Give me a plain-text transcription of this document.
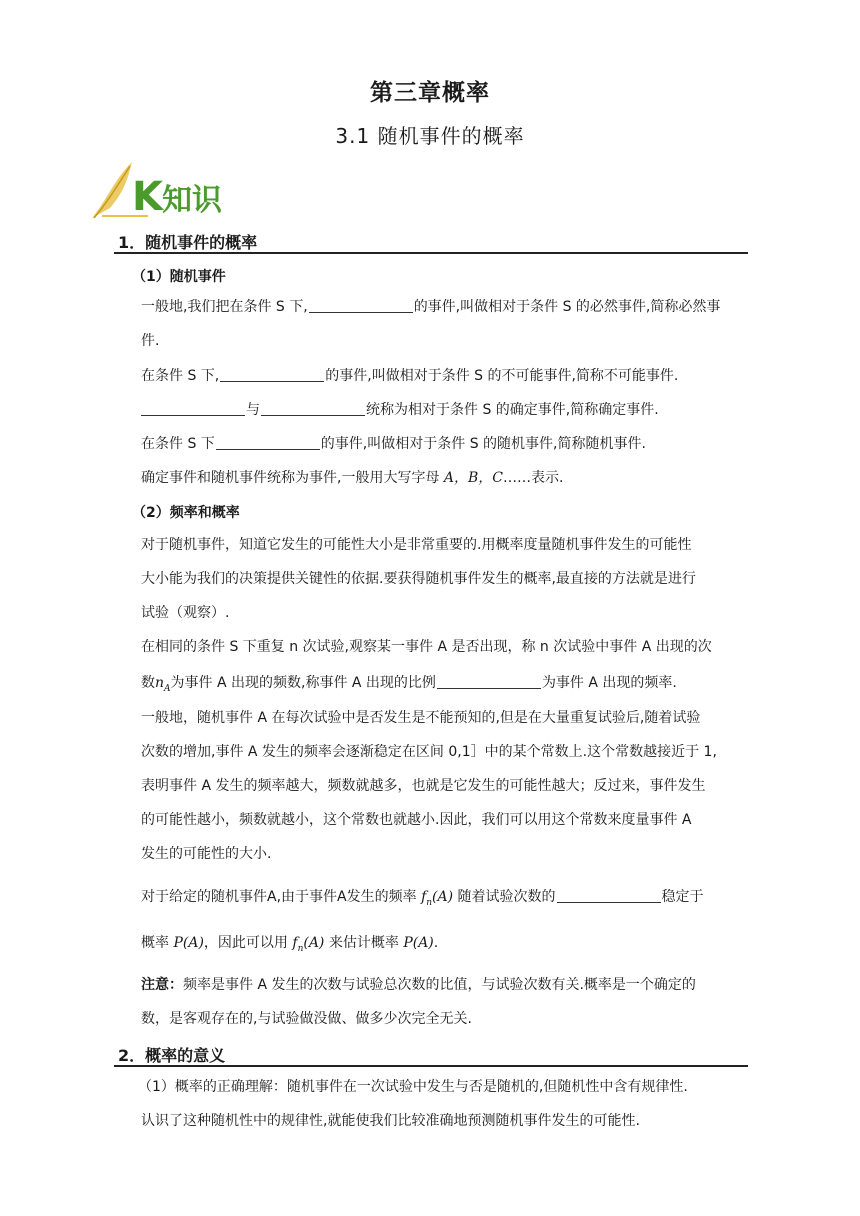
第三章概率
3.1 随机事件的概率
K 知识
1．随机事件的概率
（1）随机事件
一般地,我们把在条件 S 下,	的事件,叫做相对于条件 S 的必然事件,简称必然事
件.
在条件 S 下,	的事件,叫做相对于条件 S 的不可能事件,简称不可能事件.
与	统称为相对于条件 S 的确定事件,简称确定事件.
在条件 S 下	的事件,叫做相对于条件 S 的随机事件,简称随机事件.
确定事件和随机事件统称为事件,一般用大写字母 A，B，C……表示.
（2）频率和概率
对于随机事件，知道它发生的可能性大小是非常重要的.用概率度量随机事件发生的可能性
大小能为我们的决策提供关键性的依据.要获得随机事件发生的概率,最直接的方法就是进行
试验（观察）.
在相同的条件 S 下重复 n 次试验,观察某一事件 A 是否出现，称 n 次试验中事件 A 出现的次
数$n_A$为事件 A 出现的频数,称事件 A 出现的比例	为事件 A 出现的频率.
一般地，随机事件 A 在每次试验中是否发生是不能预知的,但是在大量重复试验后,随着试验
次数的增加,事件 A 发生的频率会逐渐稳定在区间 0,1］中的某个常数上.这个常数越接近于 1,
表明事件 A 发生的频率越大，频数就越多，也就是它发生的可能性越大；反过来，事件发生
的可能性越小，频数就越小，这个常数也就越小.因此，我们可以用这个常数来度量事件 A
发生的可能性的大小.
对于给定的随机事件A,由于事件A发生的频率 $f_n(A)$ 随着试验次数的	稳定于
概率 P(A)，因此可以用 $f_n(A)$ 来估计概率 P(A).
注意：频率是事件 A 发生的次数与试验总次数的比值，与试验次数有关.概率是一个确定的
数，是客观存在的,与试验做没做、做多少次完全无关.
2．概率的意义
（1）概率的正确理解：随机事件在一次试验中发生与否是随机的,但随机性中含有规律性.
认识了这种随机性中的规律性,就能使我们比较准确地预测随机事件发生的可能性.
